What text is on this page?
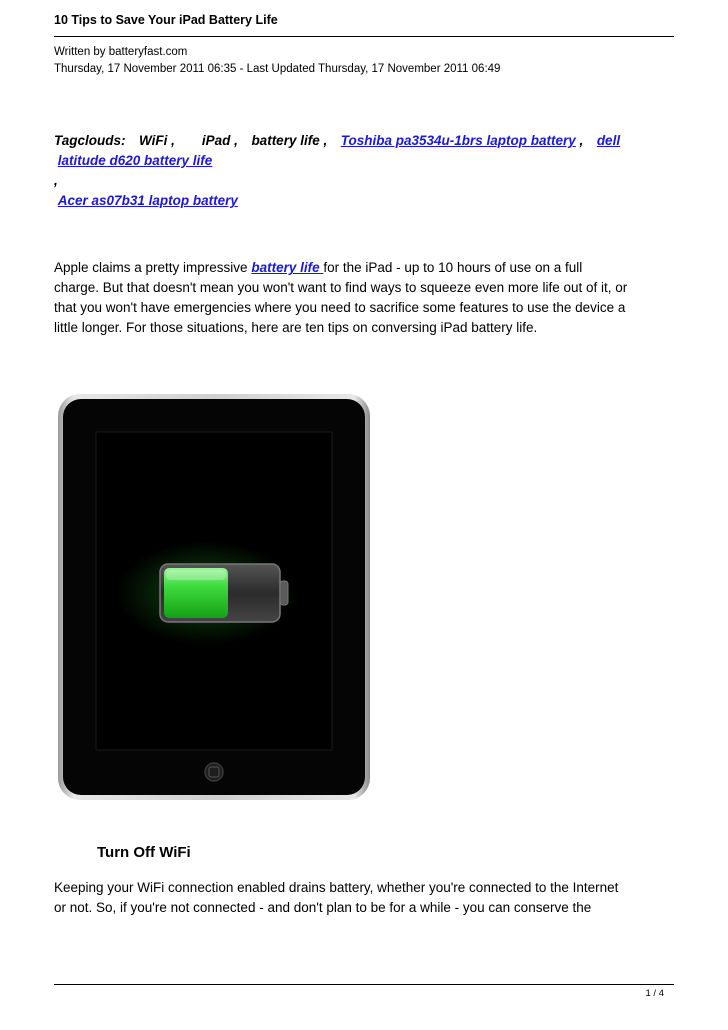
10 Tips to Save Your iPad Battery Life
Written by batteryfast.com
Thursday, 17 November 2011 06:35 - Last Updated Thursday, 17 November 2011 06:49
Tagclouds:  WiFi ,  iPad , battery life , Toshiba pa3534u-1brs laptop battery , dell
latitude d620 battery life
, 
Acer as07b31 laptop battery
Apple claims a pretty impressive battery life for the iPad - up to 10 hours of use on a full
charge. But that doesn't mean you won't want to find ways to squeeze even more life out of it, or
that you won't have emergencies where you need to sacrifice some features to use the device a
little longer. For those situations, here are ten tips on conversing iPad battery life.
Turn Off WiFi
Keeping your WiFi connection enabled drains battery, whether you're connected to the Internet
or not. So, if you're not connected - and don't plan to be for a while - you can conserve the
1 / 4
